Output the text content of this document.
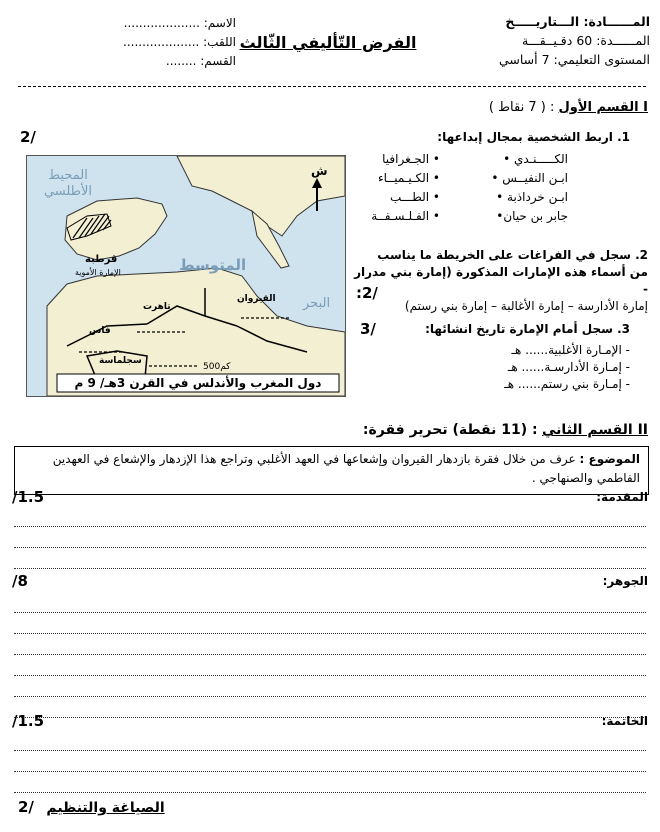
الاسم: ....................
اللقب: ....................
القسم: ........
الفرض التّأليفي الثّالث
المــــــادة: الـــتاريـــــخ
المــــــدة: 60 دقـيــقـــة
المستوى التعليمي: 7 أساسي
I القسم الأول : ( 7 نقاط )
2/	1. اربط الشخصية بمجال إبداعها:
الكـــــنـدي •
ابـن النفيــس •
ابـن خرداذبة •
جابر بن حيان•
• الجـغرافيا
• الكـيـميــاء
• الطـــب
• الفـلـسـفــة
2. سجل في الفراغات على الخريطة ما يناسب
من أسماء هذه الإمارات المذكورة (إمارة بني مدرار -
إمارة الأدارسة – إمارة الأغالبة – إمارة بني رستم)
:2/
3/	3. سجل أمام الإمارة تاريخ انشائها:
- الإمـارة الأغلبية...... هـ
- إمـارة الأدارسـة...... هـ
- إمـارة بني رستم...... هـ
المحيط الأطلسي
المتوسط
البحر
قرطبة
الإمارة الأموية
القيروان
تاهرت
فاس
سجلماسة
ش
500كم
دول المغرب والأندلس في القرن 3هـ/ 9 م
II القسم الثاني : (11 نقطة) تحرير فقرة:
الموضوع : عرف من خلال فقرة بازدهار القيروان وإشعاعها في العهد الأغلبي وتراجع هذا الإزدهار والإشعاع في العهدين الفاطمي والصنهاجي .
المقدمة:
/1.5
الجوهر:
/8
الخاتمة:
/1.5
2/ الصياغة والتنظيم
